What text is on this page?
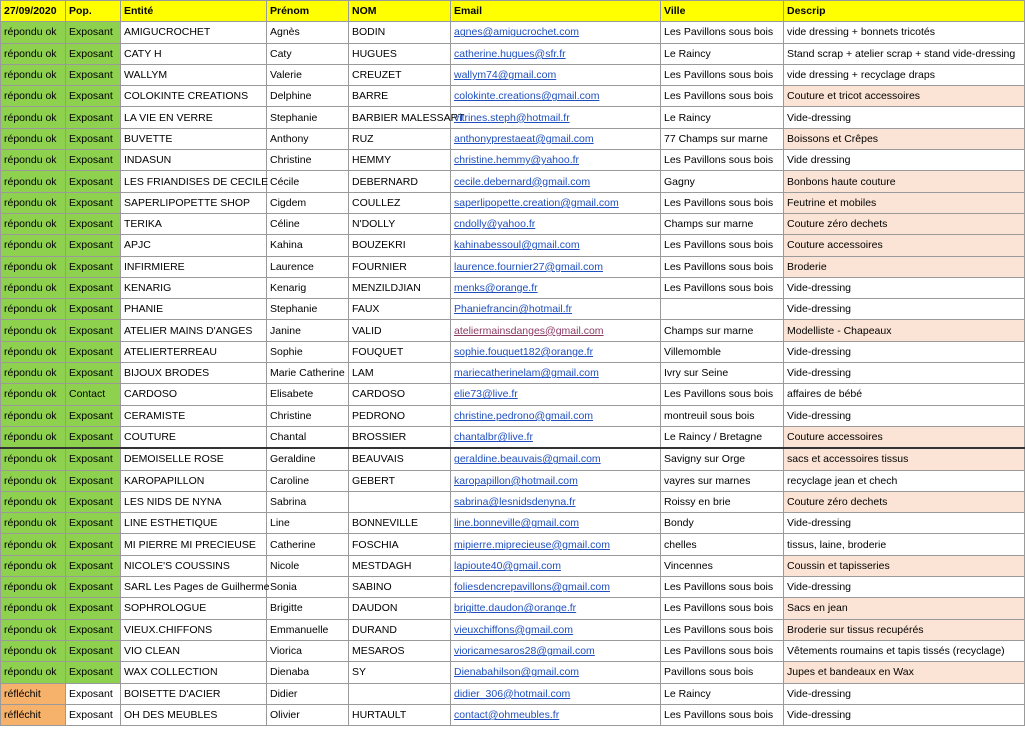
27/09/2020	Pop.	Entité	Prénom	NOM	Email	Ville	Descrip
répondu ok	Exposant	AMIGUCROCHET	Agnès	BODIN	agnes@amigucrochet.com	Les Pavillons sous bois	vide dressing + bonnets tricotés
répondu ok	Exposant	CATY H	Caty	HUGUES	catherine.hugues@sfr.fr	Le Raincy	Stand scrap + atelier scrap + stand vide-dressing
répondu ok	Exposant	WALLYM	Valerie	CREUZET	wallym74@gmail.com	Les Pavillons sous bois	vide dressing + recyclage draps
répondu ok	Exposant	COLOKINTE CREATIONS	Delphine	BARRE	colokinte.creations@gmail.com	Les Pavillons sous bois	Couture et tricot accessoires
répondu ok	Exposant	LA VIE EN VERRE	Stephanie	BARBIER MALESSART	vitrines.steph@hotmail.fr	Le Raincy	Vide-dressing
répondu ok	Exposant	BUVETTE	Anthony	RUZ	anthonyprestaeat@gmail.com	77 Champs sur marne	Boissons et Crêpes
répondu ok	Exposant	INDASUN	Christine	HEMMY	christine.hemmy@yahoo.fr	Les Pavillons sous bois	Vide dressing
répondu ok	Exposant	LES FRIANDISES DE CECILE	Cécile	DEBERNARD	cecile.debernard@gmail.com	Gagny	Bonbons haute couture
répondu ok	Exposant	SAPERLIPOPETTE SHOP	Cigdem	COULLEZ	saperlipopette.creation@gmail.com	Les Pavillons sous bois	Feutrine et mobiles
répondu ok	Exposant	TERIKA	Céline	N'DOLLY	cndolly@yahoo.fr	Champs sur marne	Couture zéro dechets
répondu ok	Exposant	APJC	Kahina	BOUZEKRI	kahinabessoul@gmail.com	Les Pavillons sous bois	Couture accessoires
répondu ok	Exposant	INFIRMIERE	Laurence	FOURNIER	laurence.fournier27@gmail.com	Les Pavillons sous bois	Broderie
répondu ok	Exposant	KENARIG	Kenarig	MENZILDJIAN	menks@orange.fr	Les Pavillons sous bois	Vide-dressing
répondu ok	Exposant	PHANIE	Stephanie	FAUX	Phaniefrancin@hotmail.fr		Vide-dressing
répondu ok	Exposant	ATELIER MAINS D'ANGES	Janine	VALID	ateliermainsdanges@gmail.com	Champs sur marne	Modelliste - Chapeaux
répondu ok	Exposant	ATELIERTERREAU	Sophie	FOUQUET	sophie.fouquet182@orange.fr	Villemomble	Vide-dressing
répondu ok	Exposant	BIJOUX BRODES	Marie Catherine	LAM	mariecatherinelam@gmail.com	Ivry sur Seine	Vide-dressing
répondu ok	Contact	CARDOSO	Elisabete	CARDOSO	elie73@live.fr	Les Pavillons sous bois	affaires de bébé
répondu ok	Exposant	CERAMISTE	Christine	PEDRONO	christine.pedrono@gmail.com	montreuil sous bois	Vide-dressing
répondu ok	Exposant	COUTURE	Chantal	BROSSIER	chantalbr@live.fr	Le Raincy / Bretagne	Couture accessoires
répondu ok	Exposant	DEMOISELLE ROSE	Geraldine	BEAUVAIS	geraldine.beauvais@gmail.com	Savigny sur Orge	sacs et accessoires tissus
répondu ok	Exposant	KAROPAPILLON	Caroline	GEBERT	karopapillon@hotmail.com	vayres sur marnes	recyclage jean et chech
répondu ok	Exposant	LES NIDS DE NYNA	Sabrina		sabrina@lesnidsdenyna.fr	Roissy en brie	Couture zéro dechets
répondu ok	Exposant	LINE ESTHETIQUE	Line	BONNEVILLE	line.bonneville@gmail.com	Bondy	Vide-dressing
répondu ok	Exposant	MI PIERRE MI PRECIEUSE	Catherine	FOSCHIA	mipierre.miprecieuse@gmail.com	chelles	tissus, laine, broderie
répondu ok	Exposant	NICOLE'S COUSSINS	Nicole	MESTDAGH	lapioute40@gmail.com	Vincennes	Coussin et tapisseries
répondu ok	Exposant	SARL Les Pages de Guilherme	Sonia	SABINO	foliesdencrepavillons@gmail.com	Les Pavillons sous bois	Vide-dressing
répondu ok	Exposant	SOPHROLOGUE	Brigitte	DAUDON	brigitte.daudon@orange.fr	Les Pavillons sous bois	Sacs en jean
répondu ok	Exposant	VIEUX.CHIFFONS	Emmanuelle	DURAND	vieuxchiffons@gmail.com	Les Pavillons sous bois	Broderie sur tissus recupérés
répondu ok	Exposant	VIO CLEAN	Viorica	MESAROS	vioricamesaros28@gmail.com	Les Pavillons sous bois	Vêtements roumains et tapis tissés (recyclage)
répondu ok	Exposant	WAX COLLECTION	Dienaba	SY	Dienabahilson@gmail.com	Pavillons sous bois	Jupes et bandeaux en Wax
réfléchit	Exposant	BOISETTE D'ACIER	Didier		didier_306@hotmail.com	Le Raincy	Vide-dressing
réfléchit	Exposant	OH DES MEUBLES	Olivier	HURTAULT	contact@ohmeubles.fr	Les Pavillons sous bois	Vide-dressing
